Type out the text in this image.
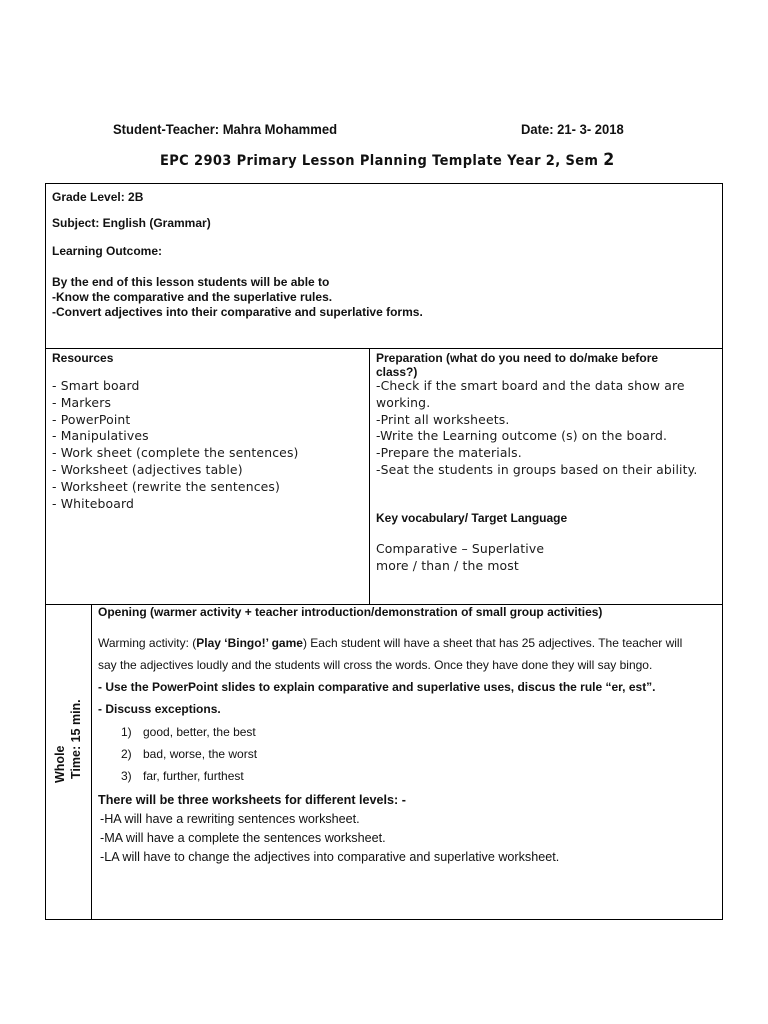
Student-Teacher: Mahra Mohammed	Date: 21- 3- 2018
EPC 2903 Primary Lesson Planning Template Year 2, Sem 2
Grade Level: 2B
Subject: English (Grammar)
Learning Outcome:
By the end of this lesson students will be able to
-Know the comparative and the superlative rules.
-Convert adjectives into their comparative and superlative forms.
Resources
- Smart board
- Markers
- PowerPoint
- Manipulatives
- Work sheet (complete the sentences)
- Worksheet (adjectives table)
- Worksheet (rewrite the sentences)
- Whiteboard
Preparation (what do you need to do/make before
class?)
-Check if the smart board and the data show are
working.
-Print all worksheets.
-Write the Learning outcome (s) on the board.
-Prepare the materials.
-Seat the students in groups based on their ability.
Key vocabulary/ Target Language
Comparative – Superlative
more / than / the most
Whole Time: 15 min.
Opening (warmer activity + teacher introduction/demonstration of small group activities)
Warming activity: (Play ‘Bingo!’ game) Each student will have a sheet that has 25 adjectives. The teacher will
say the adjectives loudly and the students will cross the words. Once they have done they will say bingo.
- Use the PowerPoint slides to explain comparative and superlative uses, discus the rule “er, est”.
- Discuss exceptions.
1) good, better, the best
2) bad, worse, the worst
3) far, further, furthest
There will be three worksheets for different levels: -
-HA will have a rewriting sentences worksheet.
-MA will have a complete the sentences worksheet.
-LA will have to change the adjectives into comparative and superlative worksheet.
